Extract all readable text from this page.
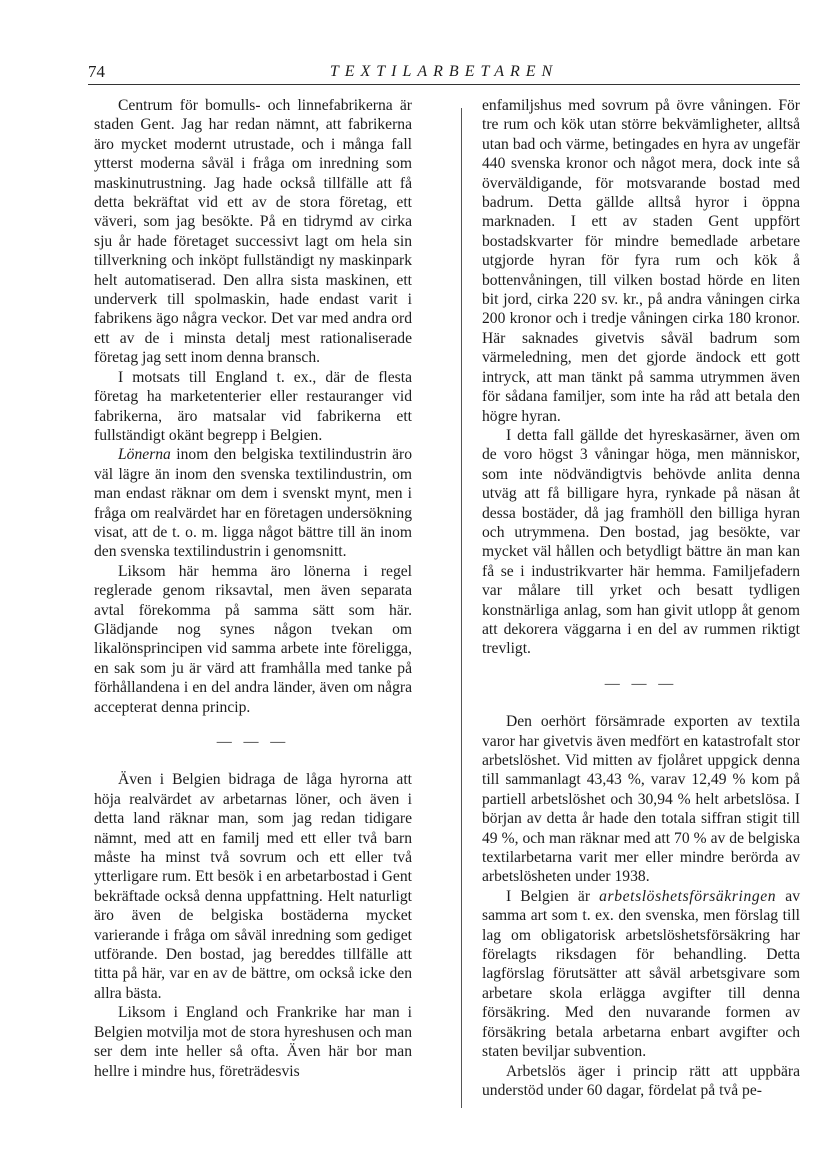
74	TEXTILARBETAREN

Centrum för bomulls- och linnefabrikerna är staden Gent. Jag har redan nämnt, att fabrikerna äro mycket modernt utrustade, och i många fall ytterst moderna såväl i fråga om inredning som maskinutrustning. Jag hade också tillfälle att få detta bekräftat vid ett av de stora företag, ett väveri, som jag besökte. På en tidrymd av cirka sju år hade företaget successivt lagt om hela sin tillverkning och inköpt fullständigt ny maskinpark helt automatiserad. Den allra sista maskinen, ett underverk till spolmaskin, hade endast varit i fabrikens ägo några veckor. Det var med andra ord ett av de i minsta detalj mest rationaliserade företag jag sett inom denna bransch.

I motsats till England t. ex., där de flesta företag ha marketenterier eller restauranger vid fabrikerna, äro matsalar vid fabrikerna ett fullständigt okänt begrepp i Belgien.

Lönerna inom den belgiska textilindustrin äro väl lägre än inom den svenska textilindustrin, om man endast räknar om dem i svenskt mynt, men i fråga om realvärdet har en företagen undersökning visat, att de t. o. m. ligga något bättre till än inom den svenska textilindustrin i genomsnitt.

Liksom här hemma äro lönerna i regel reglerade genom riksavtal, men även separata avtal förekomma på samma sätt som här. Glädjande nog synes någon tvekan om likalönsprincipen vid samma arbete inte föreligga, en sak som ju är värd att framhålla med tanke på förhållandena i en del andra länder, även om några accepterat denna princip.

— — —

Även i Belgien bidraga de låga hyrorna att höja realvärdet av arbetarnas löner, och även i detta land räknar man, som jag redan tidigare nämnt, med att en familj med ett eller två barn måste ha minst två sovrum och ett eller två ytterligare rum. Ett besök i en arbetarbostad i Gent bekräftade också denna uppfattning. Helt naturligt äro även de belgiska bostäderna mycket varierande i fråga om såväl inredning som gediget utförande. Den bostad, jag bereddes tillfälle att titta på här, var en av de bättre, om också icke den allra bästa.

Liksom i England och Frankrike har man i Belgien motvilja mot de stora hyreshusen och man ser dem inte heller så ofta. Även här bor man hellre i mindre hus, företrädesvis

enfamiljshus med sovrum på övre våningen. För tre rum och kök utan större bekvämligheter, alltså utan bad och värme, betingades en hyra av ungefär 440 svenska kronor och något mera, dock inte så överväldigande, för motsvarande bostad med badrum. Detta gällde alltså hyror i öppna marknaden. I ett av staden Gent uppfört bostadskvarter för mindre bemedlade arbetare utgjorde hyran för fyra rum och kök å bottenvåningen, till vilken bostad hörde en liten bit jord, cirka 220 sv. kr., på andra våningen cirka 200 kronor och i tredje våningen cirka 180 kronor. Här saknades givetvis såväl badrum som värmeledning, men det gjorde ändock ett gott intryck, att man tänkt på samma utrymmen även för sådana familjer, som inte ha råd att betala den högre hyran.

I detta fall gällde det hyreskasärner, även om de voro högst 3 våningar höga, men människor, som inte nödvändigtvis behövde anlita denna utväg att få billigare hyra, rynkade på näsan åt dessa bostäder, då jag framhöll den billiga hyran och utrymmena. Den bostad, jag besökte, var mycket väl hållen och betydligt bättre än man kan få se i industrikvarter här hemma. Familjefadern var målare till yrket och besatt tydligen konstnärliga anlag, som han givit utlopp åt genom att dekorera väggarna i en del av rummen riktigt trevligt.

— — —

Den oerhört försämrade exporten av textila varor har givetvis även medfört en katastrofalt stor arbetslöshet. Vid mitten av fjolåret uppgick denna till sammanlagt 43,43 %, varav 12,49 % kom på partiell arbetslöshet och 30,94 % helt arbetslösa. I början av detta år hade den totala siffran stigit till 49 %, och man räknar med att 70 % av de belgiska textilarbetarna varit mer eller mindre berörda av arbetslösheten under 1938.

I Belgien är arbetslöshetsförsäkringen av samma art som t. ex. den svenska, men förslag till lag om obligatorisk arbetslöshetsförsäkring har förelagts riksdagen för behandling. Detta lagförslag förutsätter att såväl arbetsgivare som arbetare skola erlägga avgifter till denna försäkring. Med den nuvarande formen av försäkring betala arbetarna enbart avgifter och staten beviljar subvention.

Arbetslös äger i princip rätt att uppbära understöd under 60 dagar, fördelat på två pe-
